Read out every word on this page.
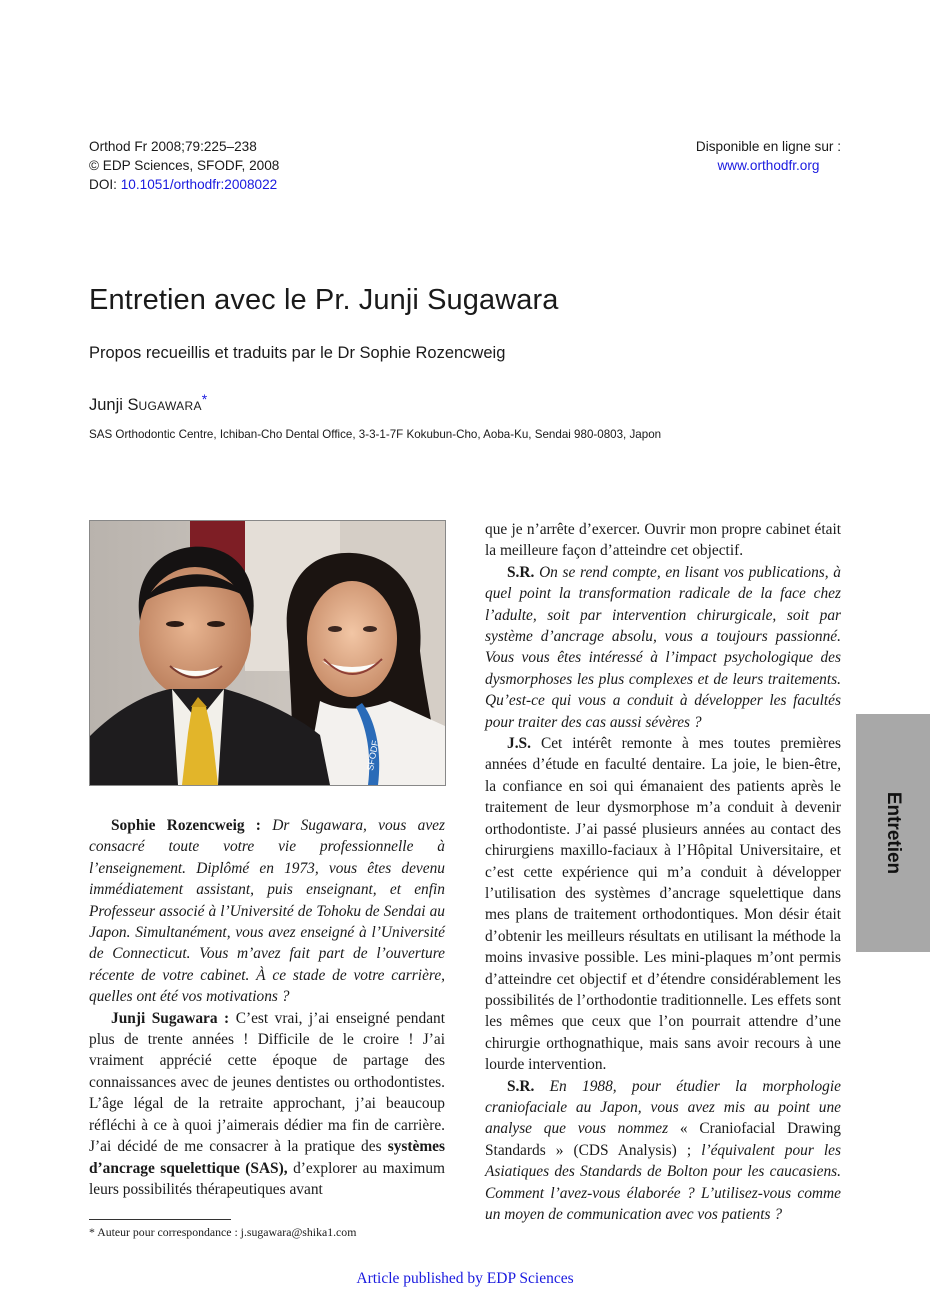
Orthod Fr 2008;79:225–238
© EDP Sciences, SFODF, 2008
DOI: 10.1051/orthodfr:2008022
Disponible en ligne sur :
www.orthodfr.org
Entretien avec le Pr. Junji Sugawara
Propos recueillis et traduits par le Dr Sophie Rozencweig
Junji SUGAWARA*
SAS Orthodontic Centre, Ichiban-Cho Dental Office, 3-3-1-7F Kokubun-Cho, Aoba-Ku, Sendai 980-0803, Japon
SFODF

Sophie Rozencweig : Dr Sugawara, vous avez consacré toute votre vie professionnelle à l’enseignement. Diplômé en 1973, vous êtes devenu immédiatement assistant, puis enseignant, et enfin Professeur associé à l’Université de Tohoku de Sendai au Japon. Simultanément, vous avez enseigné à l’Université de Connecticut. Vous m’avez fait part de l’ouverture récente de votre cabinet. À ce stade de votre carrière, quelles ont été vos motivations ?

Junji Sugawara : C’est vrai, j’ai enseigné pendant plus de trente années ! Difficile de le croire ! J’ai vraiment apprécié cette époque de partage des connaissances avec de jeunes dentistes ou orthodontistes. L’âge légal de la retraite approchant, j’ai beaucoup réfléchi à ce à quoi j’aimerais dédier ma fin de carrière. J’ai décidé de me consacrer à la pratique des systèmes d’ancrage squelettique (SAS), d’explorer au maximum leurs possibilités thérapeutiques avant

que je n’arrête d’exercer. Ouvrir mon propre cabinet était la meilleure façon d’atteindre cet objectif.

S.R. On se rend compte, en lisant vos publications, à quel point la transformation radicale de la face chez l’adulte, soit par intervention chirurgicale, soit par système d’ancrage absolu, vous a toujours passionné. Vous vous êtes intéressé à l’impact psychologique des dysmorphoses les plus complexes et de leurs traitements. Qu’est-ce qui vous a conduit à développer les facultés pour traiter des cas aussi sévères ?

J.S. Cet intérêt remonte à mes toutes premières années d’étude en faculté dentaire. La joie, le bien-être, la confiance en soi qui émanaient des patients après le traitement de leur dysmorphose m’a conduit à devenir orthodontiste. J’ai passé plusieurs années au contact des chirurgiens maxillo-faciaux à l’Hôpital Universitaire, et c’est cette expérience qui m’a conduit à développer l’utilisation des systèmes d’ancrage squelettique dans mes plans de traitement orthodontiques. Mon désir était d’obtenir les meilleurs résultats en utilisant la méthode la moins invasive possible. Les mini-plaques m’ont permis d’atteindre cet objectif et d’étendre considérablement les possibilités de l’orthodontie traditionnelle. Les effets sont les mêmes que ceux que l’on pourrait attendre d’une chirurgie orthognathique, mais sans avoir recours à une lourde intervention.

S.R. En 1988, pour étudier la morphologie craniofaciale au Japon, vous avez mis au point une analyse que vous nommez « Craniofacial Drawing Standards » (CDS Analysis) ; l’équivalent pour les Asiatiques des Standards de Bolton pour les caucasiens. Comment l’avez-vous élaborée ? L’utilisez-vous comme un moyen de communication avec vos patients ?

Entretien
* Auteur pour correspondance : j.sugawara@shika1.com
Article published by EDP Sciences
